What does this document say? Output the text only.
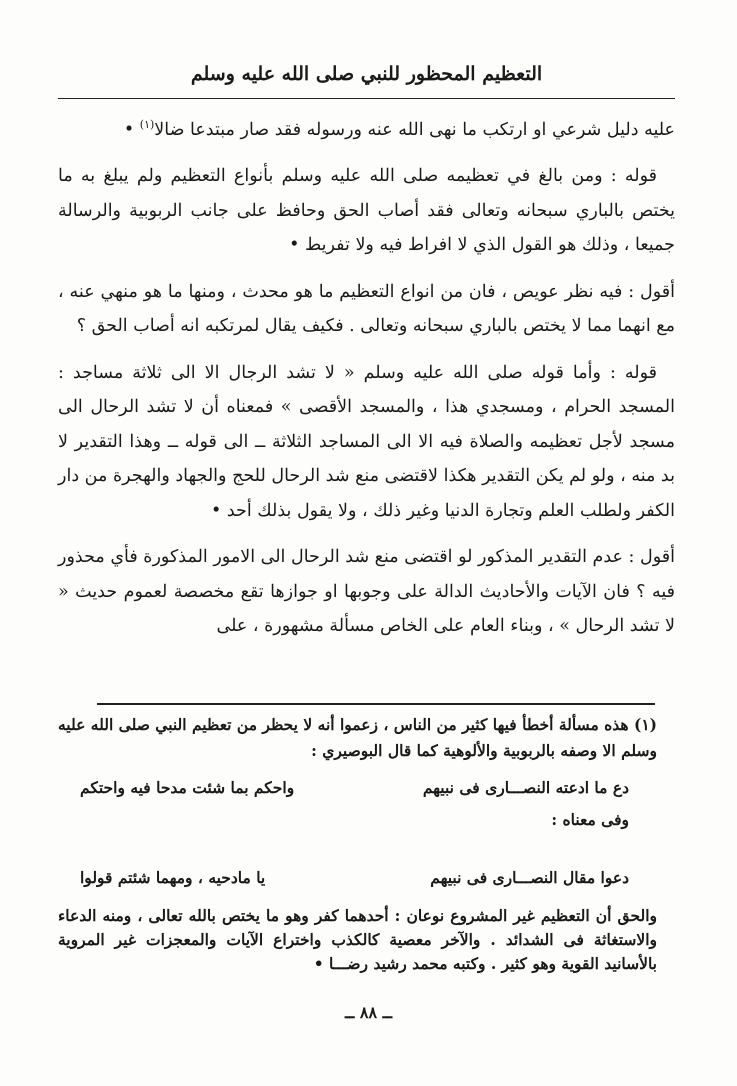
التعظيم المحظور للنبي صلى الله عليه وسلم

عليه دليل شرعي او ارتكب ما نهى الله عنه ورسوله فقد صار مبتدعا ضالا$^{(١)}$ •

قوله : ومن بالغ في تعظيمه صلى الله عليه وسلم بأنواع التعظيم ولم يبلغ به ما يختص بالباري سبحانه وتعالى فقد أصاب الحق وحافظ على جانب الربوبية والرسالة جميعا ، وذلك هو القول الذي لا افراط فيه ولا تفريط •

أقول : فيه نظر عويص ، فان من انواع التعظيم ما هو محدث ، ومنها ما هو منهي عنه ، مع انهما مما لا يختص بالباري سبحانه وتعالى . فكيف يقال لمرتكبه انه أصاب الحق ؟

قوله : وأما قوله صلى الله عليه وسلم « لا تشد الرجال الا الى ثلاثة مساجد : المسجد الحرام ، ومسجدي هذا ، والمسجد الأقصى » فمعناه أن لا تشد الرحال الى مسجد لأجل تعظيمه والصلاة فيه الا الى المساجد الثلاثة ــ الى قوله ــ وهذا التقدير لا بد منه ، ولو لم يكن التقدير هكذا لاقتضى منع شد الرحال للحج والجهاد والهجرة من دار الكفر ولطلب العلم وتجارة الدنيا وغير ذلك ، ولا يقول بذلك أحد •

أقول : عدم التقدير المذكور لو اقتضى منع شد الرحال الى الامور المذكورة فأي محذور فيه ؟ فان الآيات والأحاديث الدالة على وجوبها او جوازها تقع مخصصة لعموم حديث « لا تشد الرحال » ، وبناء العام على الخاص مسألة مشهورة ، على

(١) هذه مسألة أخطأ فيها كثير من الناس ، زعموا أنه لا يحظر من تعظيم النبي صلى الله عليه وسلم الا وصفه بالربوبية والألوهية كما قال البوصيري :

دع ما ادعته النصـــارى فى نبيهم
واحكم بما شئت مدحا فيه واحتكم

وفى معناه :

دعوا مقال النصـــارى فى نبيهم
يا مادحيه ، ومهما شئتم قولوا

والحق أن التعظيم غير المشروع نوعان : أحدهما كفر وهو ما يختص بالله تعالى ، ومنه الدعاء والاستغاثة فى الشدائد . والآخر معصية كالكذب واختراع الآيات والمعجزات غير المروية بالأسانيد القوية وهو كثير . وكتبه محمد رشيد رضـــا •

ــ ٨٨ ــ
